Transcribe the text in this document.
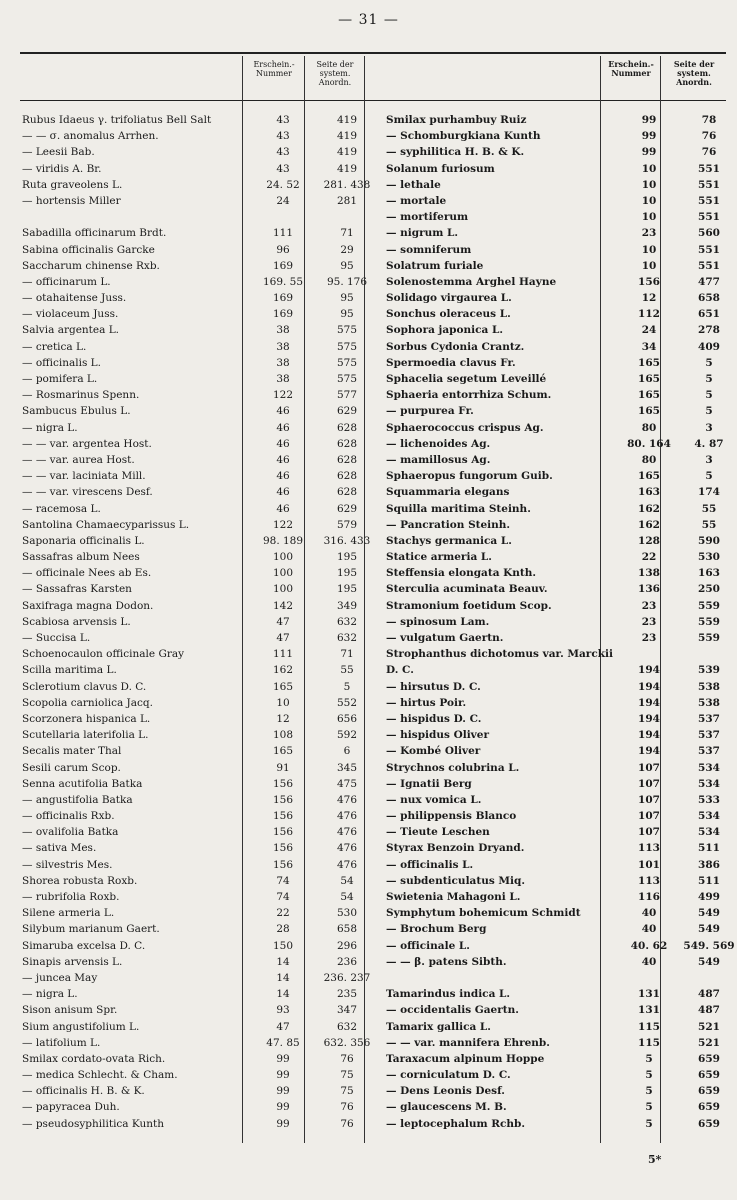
— 31 —
Erschein.-
Nummer
Seite der
system.
Anordn.
Erschein.-
Nummer
Seite der
system.
Anordn.
Rubus Idaeus γ. trifoliatus Bell Salt	43	419
— — σ. anomalus Arrhen.	43	419
— Leesii Bab.	43	419
— viridis A. Br.	43	419
Ruta graveolens L.	24. 52	281. 438
— hortensis Miller	24	281
Sabadilla officinarum Brdt.	111	71
Sabina officinalis Garcke	96	29
Saccharum chinense Rxb.	169	95
— officinarum L.	169. 55	95. 176
— otahaitense Juss.	169	95
— violaceum Juss.	169	95
Salvia argentea L.	38	575
— cretica L.	38	575
— officinalis L.	38	575
— pomifera L.	38	575
— Rosmarinus Spenn.	122	577
Sambucus Ebulus L.	46	629
— nigra L.	46	628
— — var. argentea Host.	46	628
— — var. aurea Host.	46	628
— — var. laciniata Mill.	46	628
— — var. virescens Desf.	46	628
— racemosa L.	46	629
Santolina Chamaecyparissus L.	122	579
Saponaria officinalis L.	98. 189	316. 433
Sassafras album Nees	100	195
— officinale Nees ab Es.	100	195
— Sassafras Karsten	100	195
Saxifraga magna Dodon.	142	349
Scabiosa arvensis L.	47	632
— Succisa L.	47	632
Schoenocaulon officinale Gray	111	71
Scilla maritima L.	162	55
Sclerotium clavus D. C.	165	5
Scopolia carniolica Jacq.	10	552
Scorzonera hispanica L.	12	656
Scutellaria laterifolia L.	108	592
Secalis mater Thal	165	6
Sesili carum Scop.	91	345
Senna acutifolia Batka	156	475
— angustifolia Batka	156	476
— officinalis Rxb.	156	476
— ovalifolia Batka	156	476
— sativa Mes.	156	476
— silvestris Mes.	156	476
Shorea robusta Roxb.	74	54
— rubrifolia Roxb.	74	54
Silene armeria L.	22	530
Silybum marianum Gaert.	28	658
Simaruba excelsa D. C.	150	296
Sinapis arvensis L.	14	236
— juncea May	14	236. 237
— nigra L.	14	235
Sison anisum Spr.	93	347
Sium angustifolium L.	47	632
— latifolium L.	47. 85	632. 356
Smilax cordato-ovata Rich.	99	76
— medica Schlecht. & Cham.	99	75
— officinalis H. B. & K.	99	75
— papyracea Duh.	99	76
— pseudosyphilitica Kunth	99	76
Smilax purhambuy Ruiz	99	78
— Schomburgkiana Kunth	99	76
— syphilitica H. B. & K.	99	76
Solanum furiosum	10	551
— lethale	10	551
— mortale	10	551
— mortiferum	10	551
— nigrum L.	23	560
— somniferum	10	551
Solatrum furiale	10	551
Solenostemma Arghel Hayne	156	477
Solidago virgaurea L.	12	658
Sonchus oleraceus L.	112	651
Sophora japonica L.	24	278
Sorbus Cydonia Crantz.	34	409
Spermoedia clavus Fr.	165	5
Sphacelia segetum Leveillé	165	5
Sphaeria entorrhiza Schum.	165	5
— purpurea Fr.	165	5
Sphaerococcus crispus Ag.	80	3
— lichenoides Ag.	80. 164	4. 87
— mamillosus Ag.	80	3
Sphaeropus fungorum Guib.	165	5
Squammaria elegans	163	174
Squilla maritima Steinh.	162	55
— Pancration Steinh.	162	55
Stachys germanica L.	128	590
Statice armeria L.	22	530
Steffensia elongata Knth.	138	163
Sterculia acuminata Beauv.	136	250
Stramonium foetidum Scop.	23	559
— spinosum Lam.	23	559
— vulgatum Gaertn.	23	559
Strophanthus dichotomus var. Marckii
D. C.	194	539
— hirsutus D. C.	194	538
— hirtus Poir.	194	538
— hispidus D. C.	194	537
— hispidus Oliver	194	537
— Kombé Oliver	194	537
Strychnos colubrina L.	107	534
— Ignatii Berg	107	534
— nux vomica L.	107	533
— philippensis Blanco	107	534
— Tieute Leschen	107	534
Styrax Benzoin Dryand.	113	511
— officinalis L.	101	386
— subdenticulatus Miq.	113	511
Swietenia Mahagoni L.	116	499
Symphytum bohemicum Schmidt	40	549
— Brochum Berg	40	549
— officinale L.	40. 62	549. 569
— — β. patens Sibth.	40	549
Tamarindus indica L.	131	487
— occidentalis Gaertn.	131	487
Tamarix gallica L.	115	521
— — var. mannifera Ehrenb.	115	521
Taraxacum alpinum Hoppe	5	659
— corniculatum D. C.	5	659
— Dens Leonis Desf.	5	659
— glaucescens M. B.	5	659
— leptocephalum Rchb.	5	659
5*
